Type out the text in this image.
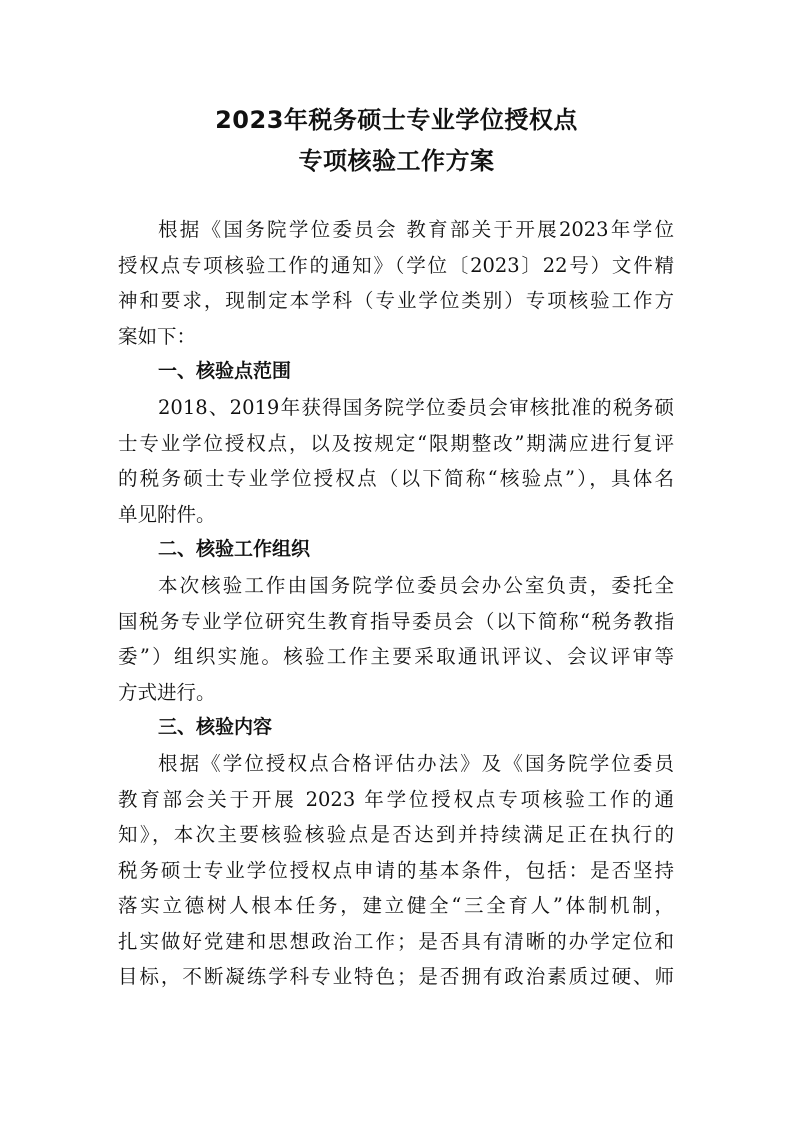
2023年税务硕士专业学位授权点
专项核验工作方案
根据《国务院学位委员会 教育部关于开展2023年学位
授权点专项核验工作的通知》（学位〔2023〕22号）文件精
神和要求，现制定本学科（专业学位类别）专项核验工作方
案如下：
一、核验点范围
2018、2019年获得国务院学位委员会审核批准的税务硕
士专业学位授权点，以及按规定“限期整改”期满应进行复评
的税务硕士专业学位授权点（以下简称“核验点”），具体名
单见附件。
二、核验工作组织
本次核验工作由国务院学位委员会办公室负责，委托全
国税务专业学位研究生教育指导委员会（以下简称“税务教指
委”）组织实施。核验工作主要采取通讯评议、会议评审等
方式进行。
三、核验内容
根据《学位授权点合格评估办法》及《国务院学位委员
教育部会关于开展 2023 年学位授权点专项核验工作的通
知》，本次主要核验核验点是否达到并持续满足正在执行的
税务硕士专业学位授权点申请的基本条件，包括：是否坚持
落实立德树人根本任务，建立健全“三全育人”体制机制，
扎实做好党建和思想政治工作；是否具有清晰的办学定位和
目标，不断凝练学科专业特色；是否拥有政治素质过硬、师
